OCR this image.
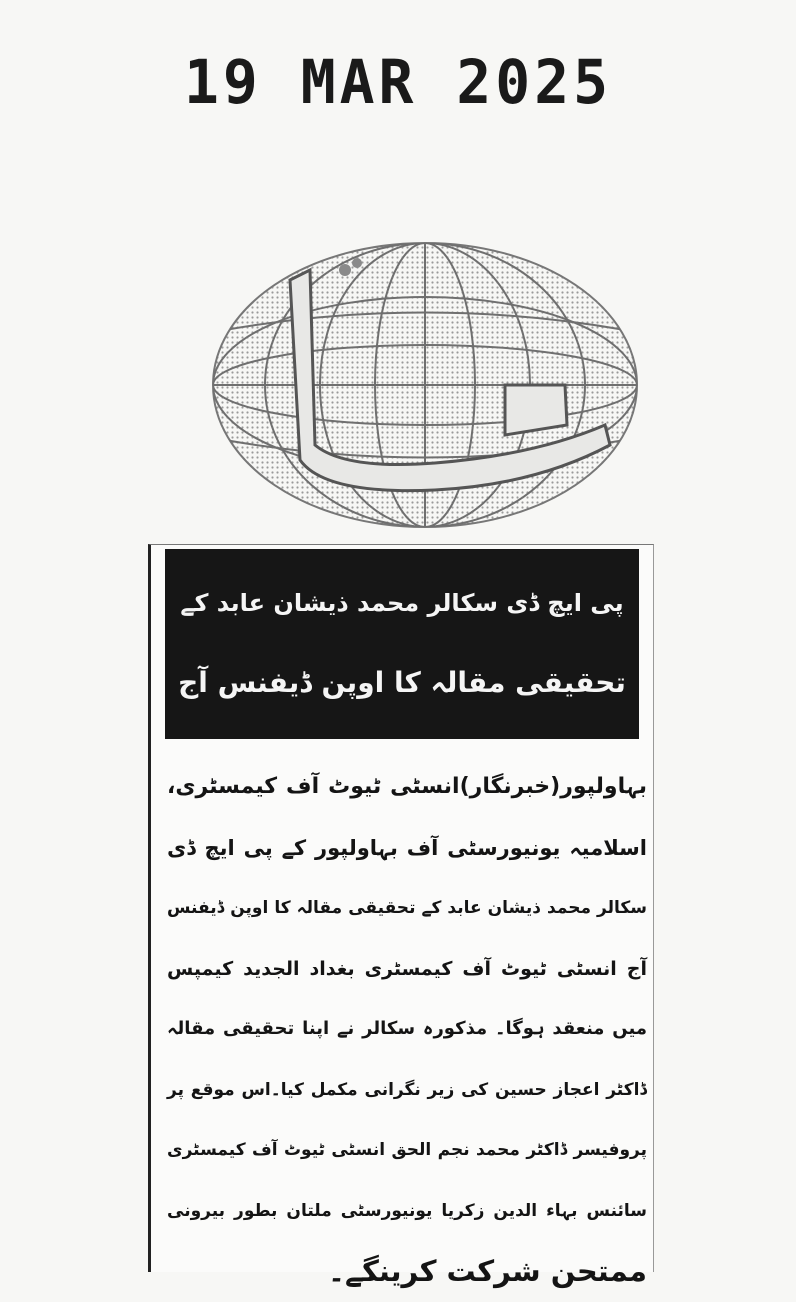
19 MAR 2025
پی ایچ ڈی سکالر محمد ذیشان عابد کے
تحقیقی مقالہ کا اوپن ڈیفنس آج
بہاولپور(خبرنگار)انسٹی ٹیوٹ آف کیمسٹری،
اسلامیہ یونیورسٹی آف بہاولپور کے پی ایچ ڈی
سکالر محمد ذیشان عابد کے تحقیقی مقالہ کا اوپن ڈیفنس
آج انسٹی ٹیوٹ آف کیمسٹری بغداد الجدید کیمپس
میں منعقد ہوگا۔ مذکورہ سکالر نے اپنا تحقیقی مقالہ
ڈاکٹر اعجاز حسین کی زیر نگرانی مکمل کیا۔اس موقع پر
پروفیسر ڈاکٹر محمد نجم الحق انسٹی ٹیوٹ آف کیمسٹری
سائنس بہاء الدین زکریا یونیورسٹی ملتان بطور بیرونی
ممتحن شرکت کرینگے۔
